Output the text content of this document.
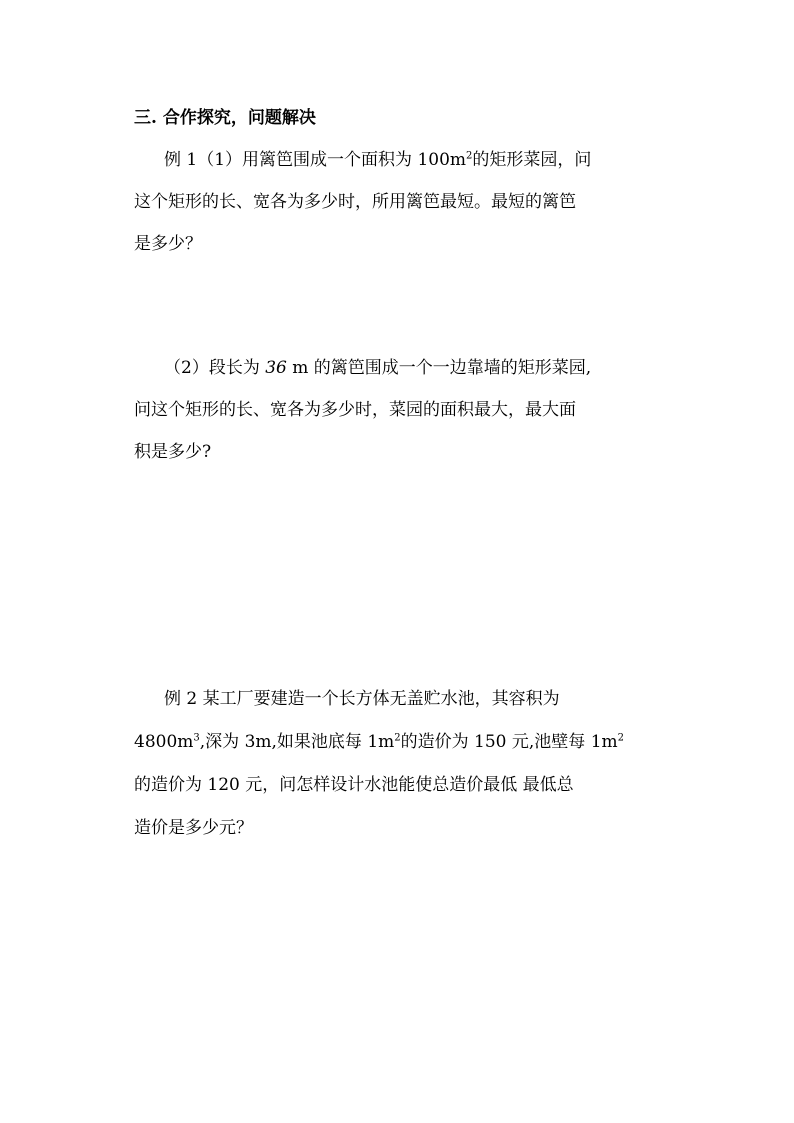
三. 合作探究，问题解决
例 1（1）用篱笆围成一个面积为 $100m^2$的矩形菜园，问
这个矩形的长、宽各为多少时，所用篱笆最短。最短的篱笆
是多少？
（2）段长为 36 m 的篱笆围成一个一边靠墙的矩形菜园,
问这个矩形的长、宽各为多少时，菜园的面积最大，最大面
积是多少?
例 2 某工厂要建造一个长方体无盖贮水池，其容积为
$4800m^3$,深为 3m,如果池底每 $1m^2$的造价为 150 元,池壁每 $1m^2$
的造价为 120 元，问怎样设计水池能使总造价最低 最低总
造价是多少元？
